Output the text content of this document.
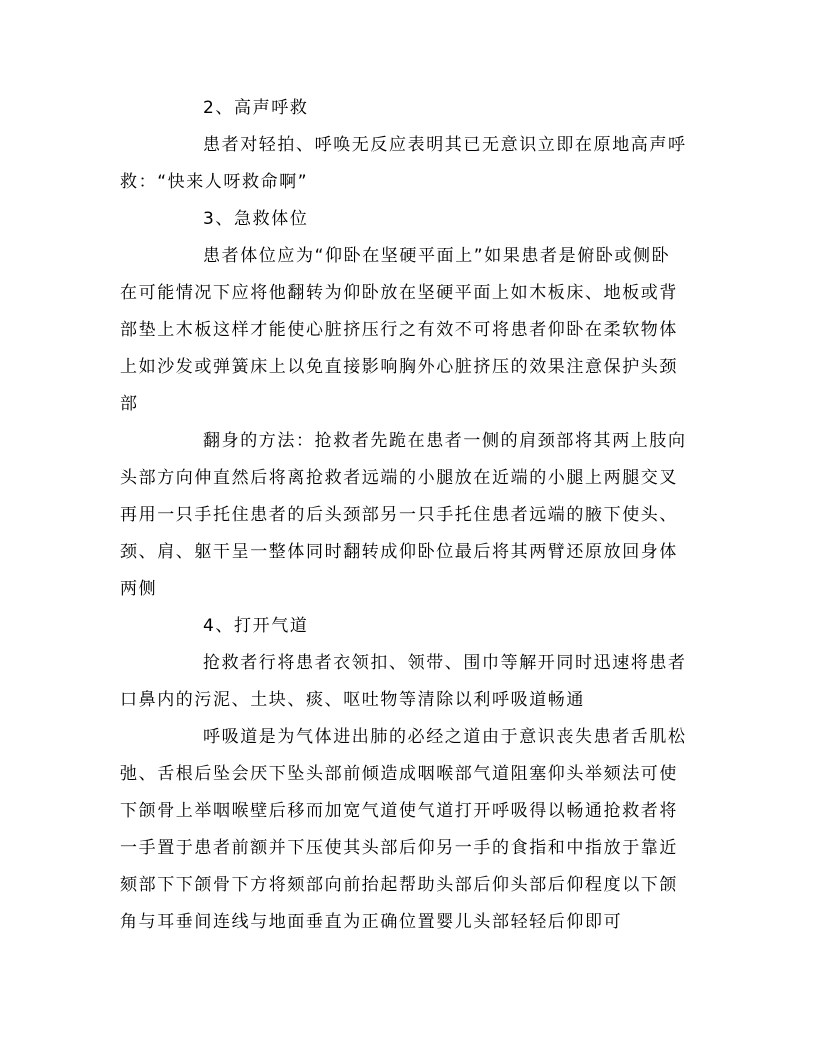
2、高声呼救
患者对轻拍、呼唤无反应表明其已无意识立即在原地高声呼
救：“快来人呀救命啊”
3、急救体位
患者体位应为“仰卧在坚硬平面上”如果患者是俯卧或侧卧
在可能情况下应将他翻转为仰卧放在坚硬平面上如木板床、地板或背
部垫上木板这样才能使心脏挤压行之有效不可将患者仰卧在柔软物体
上如沙发或弹簧床上以免直接影响胸外心脏挤压的效果注意保护头颈
部
翻身的方法：抢救者先跪在患者一侧的肩颈部将其两上肢向
头部方向伸直然后将离抢救者远端的小腿放在近端的小腿上两腿交叉
再用一只手托住患者的后头颈部另一只手托住患者远端的腋下使头、
颈、肩、躯干呈一整体同时翻转成仰卧位最后将其两臂还原放回身体
两侧
4、打开气道
抢救者行将患者衣领扣、领带、围巾等解开同时迅速将患者
口鼻内的污泥、土块、痰、呕吐物等清除以利呼吸道畅通
呼吸道是为气体进出肺的必经之道由于意识丧失患者舌肌松
弛、舌根后坠会厌下坠头部前倾造成咽喉部气道阻塞仰头举颏法可使
下颌骨上举咽喉壁后移而加宽气道使气道打开呼吸得以畅通抢救者将
一手置于患者前额并下压使其头部后仰另一手的食指和中指放于靠近
颏部下下颌骨下方将颏部向前抬起帮助头部后仰头部后仰程度以下颌
角与耳垂间连线与地面垂直为正确位置婴儿头部轻轻后仰即可
